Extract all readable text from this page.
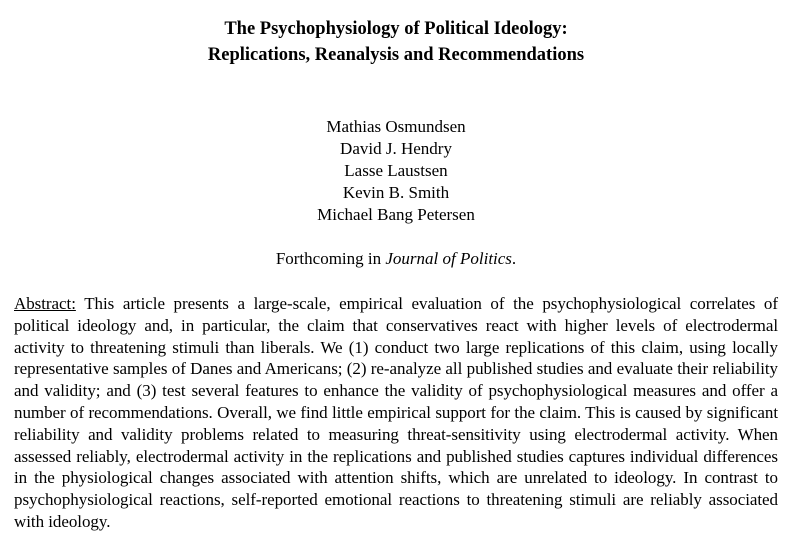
The Psychophysiology of Political Ideology:
Replications, Reanalysis and Recommendations
Mathias Osmundsen
David J. Hendry
Lasse Laustsen
Kevin B. Smith
Michael Bang Petersen
Forthcoming in Journal of Politics.

Abstract: This article presents a large-scale, empirical evaluation of the psychophysiological correlates of political ideology and, in particular, the claim that conservatives react with higher levels of electrodermal activity to threatening stimuli than liberals. We (1) conduct two large replications of this claim, using locally representative samples of Danes and Americans; (2) re-analyze all published studies and evaluate their reliability and validity; and (3) test several features to enhance the validity of psychophysiological measures and offer a number of recommendations. Overall, we find little empirical support for the claim. This is caused by significant reliability and validity problems related to measuring threat-sensitivity using electrodermal activity. When assessed reliably, electrodermal activity in the replications and published studies captures individual differences in the physiological changes associated with attention shifts, which are unrelated to ideology. In contrast to psychophysiological reactions, self-reported emotional reactions to threatening stimuli are reliably associated with ideology.
